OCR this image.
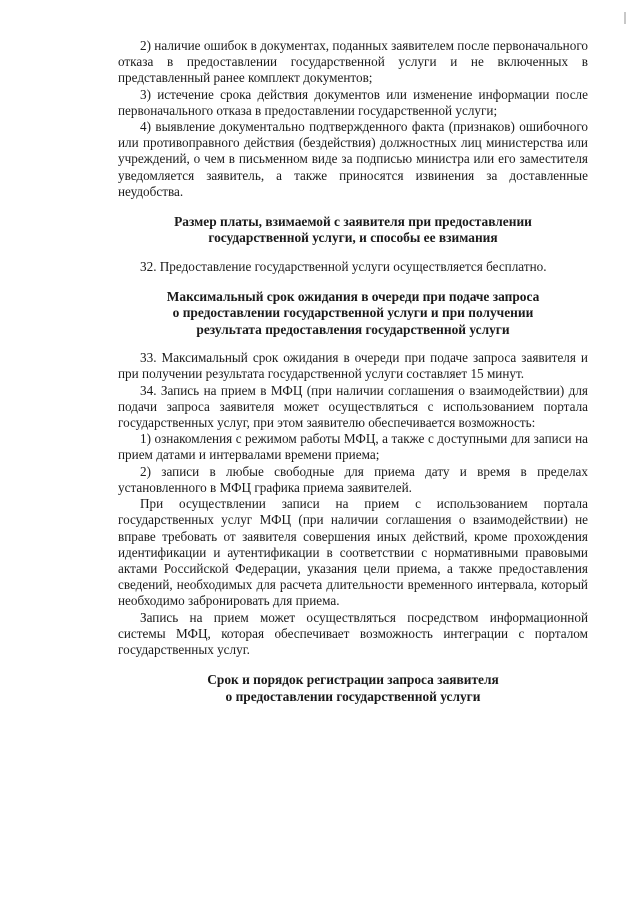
2) наличие ошибок в документах, поданных заявителем после первоначального отказа в предоставлении государственной услуги и не включенных в представленный ранее комплект документов;

3) истечение срока действия документов или изменение информации после первоначального отказа в предоставлении государственной услуги;

4) выявление документально подтвержденного факта (признаков) ошибочного или противоправного действия (бездействия) должностных лиц министерства или учреждений, о чем в письменном виде за подписью министра или его заместителя уведомляется заявитель, а также приносятся извинения за доставленные неудобства.

Размер платы, взимаемой с заявителя при предоставлении
государственной услуги, и способы ее взимания

32. Предоставление государственной услуги осуществляется бесплатно.

Максимальный срок ожидания в очереди при подаче запроса
о предоставлении государственной услуги и при получении
результата предоставления государственной услуги

33. Максимальный срок ожидания в очереди при подаче запроса заявителя и при получении результата государственной услуги составляет 15 минут.

34. Запись на прием в МФЦ (при наличии соглашения о взаимодействии) для подачи запроса заявителя может осуществляться с использованием портала государственных услуг, при этом заявителю обеспечивается возможность:

1) ознакомления с режимом работы МФЦ, а также с доступными для записи на прием датами и интервалами времени приема;

2) записи в любые свободные для приема дату и время в пределах установленного в МФЦ графика приема заявителей.

При осуществлении записи на прием с использованием портала государственных услуг МФЦ (при наличии соглашения о взаимодействии) не вправе требовать от заявителя совершения иных действий, кроме прохождения идентификации и аутентификации в соответствии с нормативными правовыми актами Российской Федерации, указания цели приема, а также предоставления сведений, необходимых для расчета длительности временного интервала, который необходимо забронировать для приема.

Запись на прием может осуществляться посредством информационной системы МФЦ, которая обеспечивает возможность интеграции с порталом государственных услуг.

Срок и порядок регистрации запроса заявителя
о предоставлении государственной услуги
